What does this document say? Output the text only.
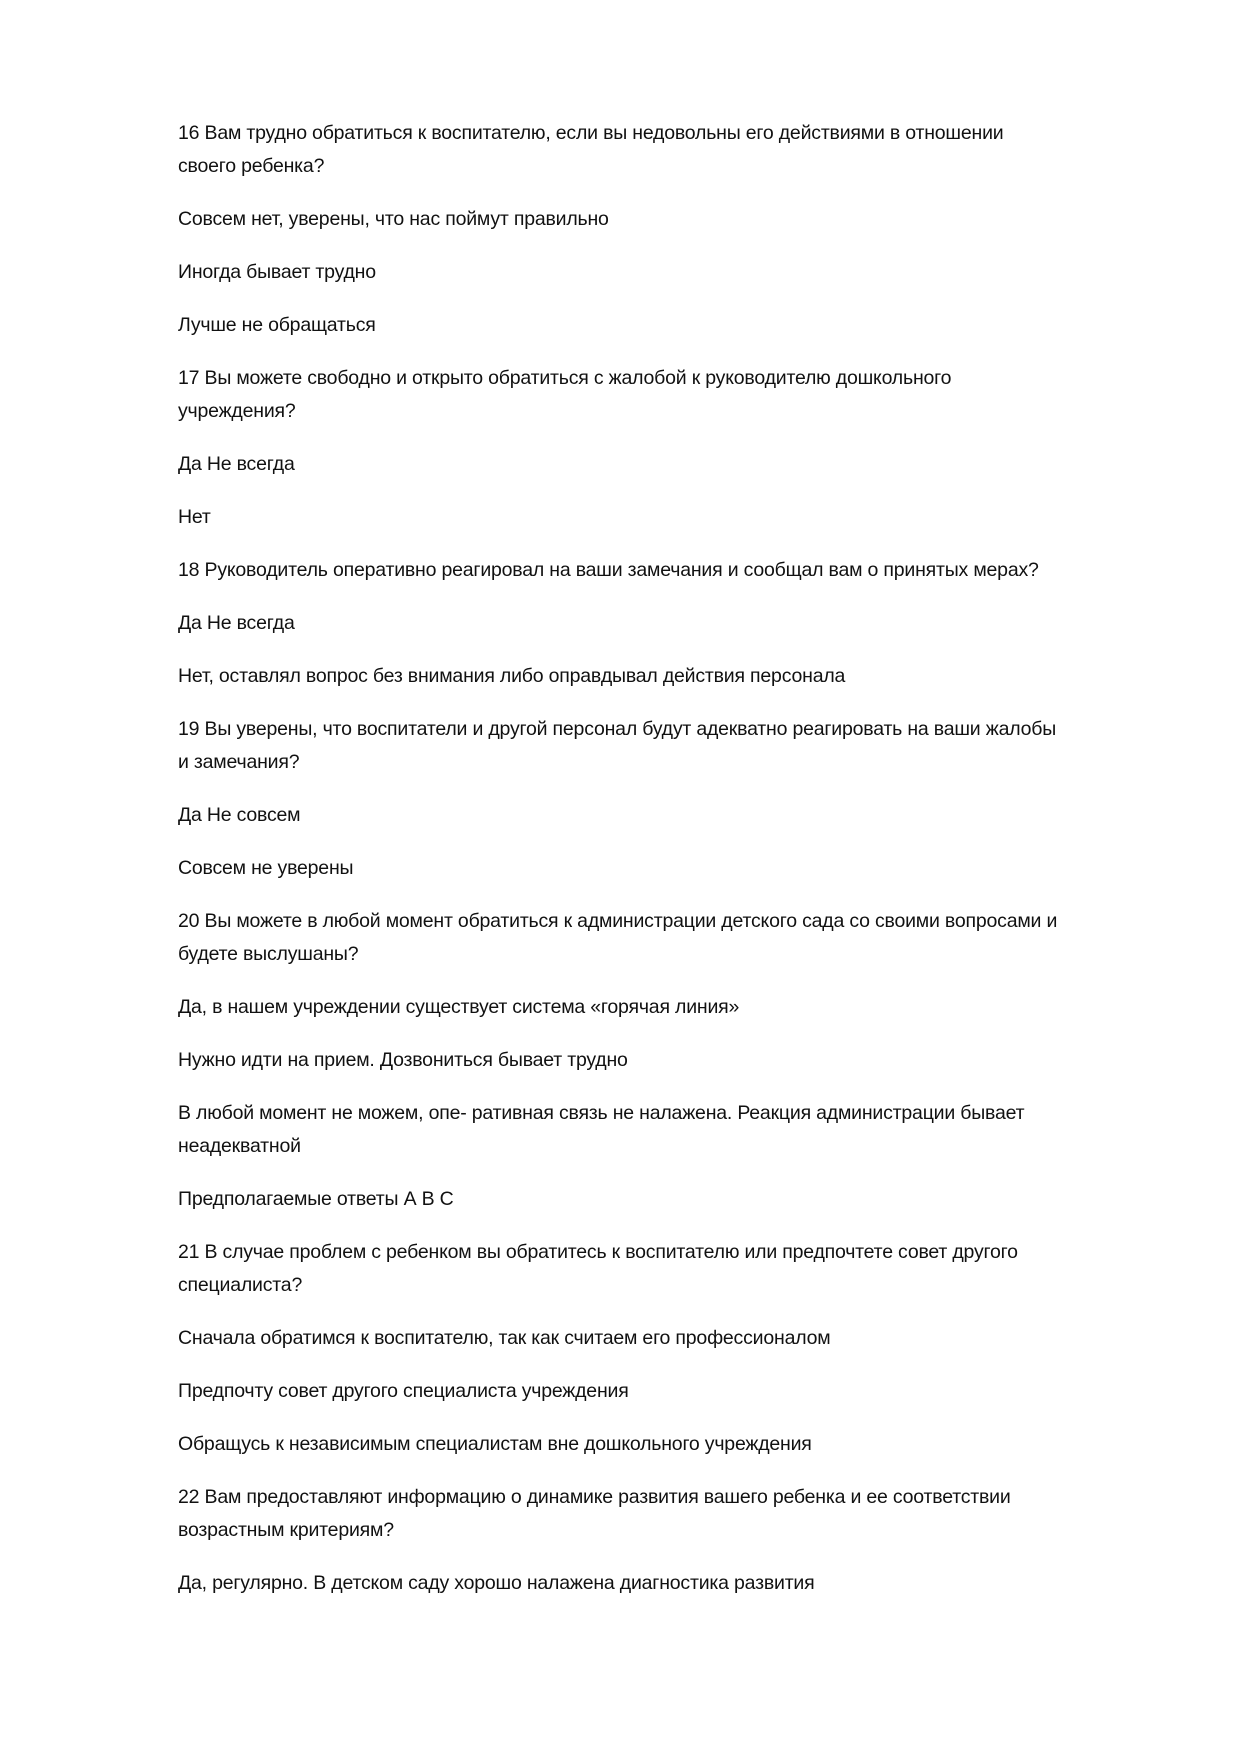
16 Вам трудно обратиться к воспитателю, если вы недовольны его действиями в отношении
своего ребенка?
Совсем нет, уверены, что нас поймут правильно
Иногда бывает трудно
Лучше не обращаться
17 Вы можете свободно и открыто обратиться с жалобой к руководителю дошкольного
учреждения?
Да Не всегда
Нет
18 Руководитель оперативно реагировал на ваши замечания и сообщал вам о принятых мерах?
Да Не всегда
Нет, оставлял вопрос без внимания либо оправдывал действия персонала
19 Вы уверены, что воспитатели и другой персонал будут адекватно реагировать на ваши жалобы
и замечания?
Да Не совсем
Совсем не уверены
20 Вы можете в любой момент обратиться к администрации детского сада со своими вопросами и
будете выслушаны?
Да, в нашем учреждении существует система «горячая линия»
Нужно идти на прием. Дозвониться бывает трудно
В любой момент не можем, опе- ративная связь не налажена. Реакция администрации бывает
неадекватной
Предполагаемые ответы А В С
21 В случае проблем с ребенком вы обратитесь к воспитателю или предпочтете совет другого
специалиста?
Сначала обратимся к воспитателю, так как считаем его профессионалом
Предпочту совет другого специалиста учреждения
Обращусь к независимым специалистам вне дошкольного учреждения
22 Вам предоставляют информацию о динамике развития вашего ребенка и ее соответствии
возрастным критериям?
Да, регулярно. В детском саду хорошо налажена диагностика развития
